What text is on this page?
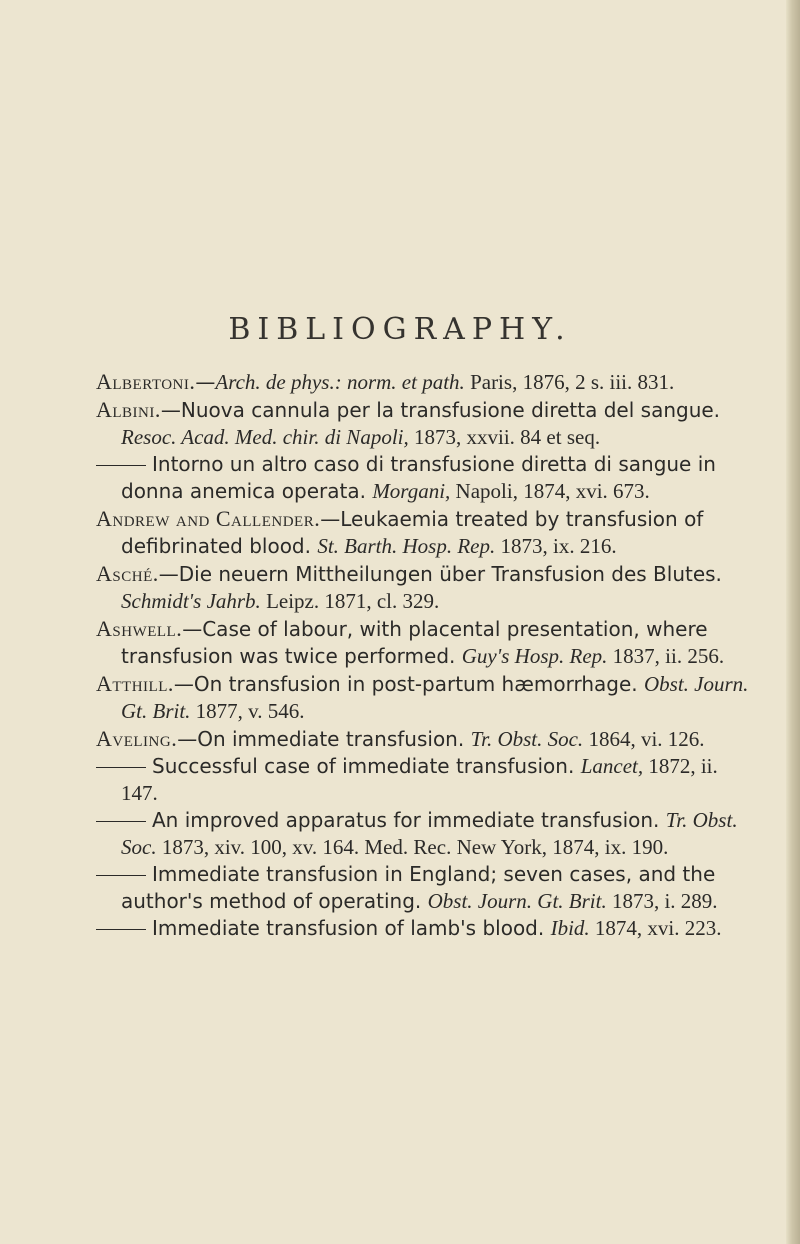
BIBLIOGRAPHY.

Albertoni.—Arch. de phys.: norm. et path. Paris, 1876, 2 s. iii. 831.

Albini.—Nuova cannula per la transfusione diretta del sangue. Resoc. Acad. Med. chir. di Napoli, 1873, xxvii. 84 et seq.

Intorno un altro caso di transfusione diretta di sangue in donna anemica operata. Morgani, Napoli, 1874, xvi. 673.

Andrew and Callender.—Leukaemia treated by transfusion of defibrinated blood. St. Barth. Hosp. Rep. 1873, ix. 216.

Asché.—Die neuern Mittheilungen über Transfusion des Blutes. Schmidt's Jahrb. Leipz. 1871, cl. 329.

Ashwell.—Case of labour, with placental presentation, where transfusion was twice performed. Guy's Hosp. Rep. 1837, ii. 256.

Atthill.—On transfusion in post-partum hæmorrhage. Obst. Journ. Gt. Brit. 1877, v. 546.

Aveling.—On immediate transfusion. Tr. Obst. Soc. 1864, vi. 126.

Successful case of immediate transfusion. Lancet, 1872, ii. 147.

An improved apparatus for immediate transfusion. Tr. Obst. Soc. 1873, xiv. 100, xv. 164. Med. Rec. New York, 1874, ix. 190.

Immediate transfusion in England; seven cases, and the author's method of operating. Obst. Journ. Gt. Brit. 1873, i. 289.

Immediate transfusion of lamb's blood. Ibid. 1874, xvi. 223.
